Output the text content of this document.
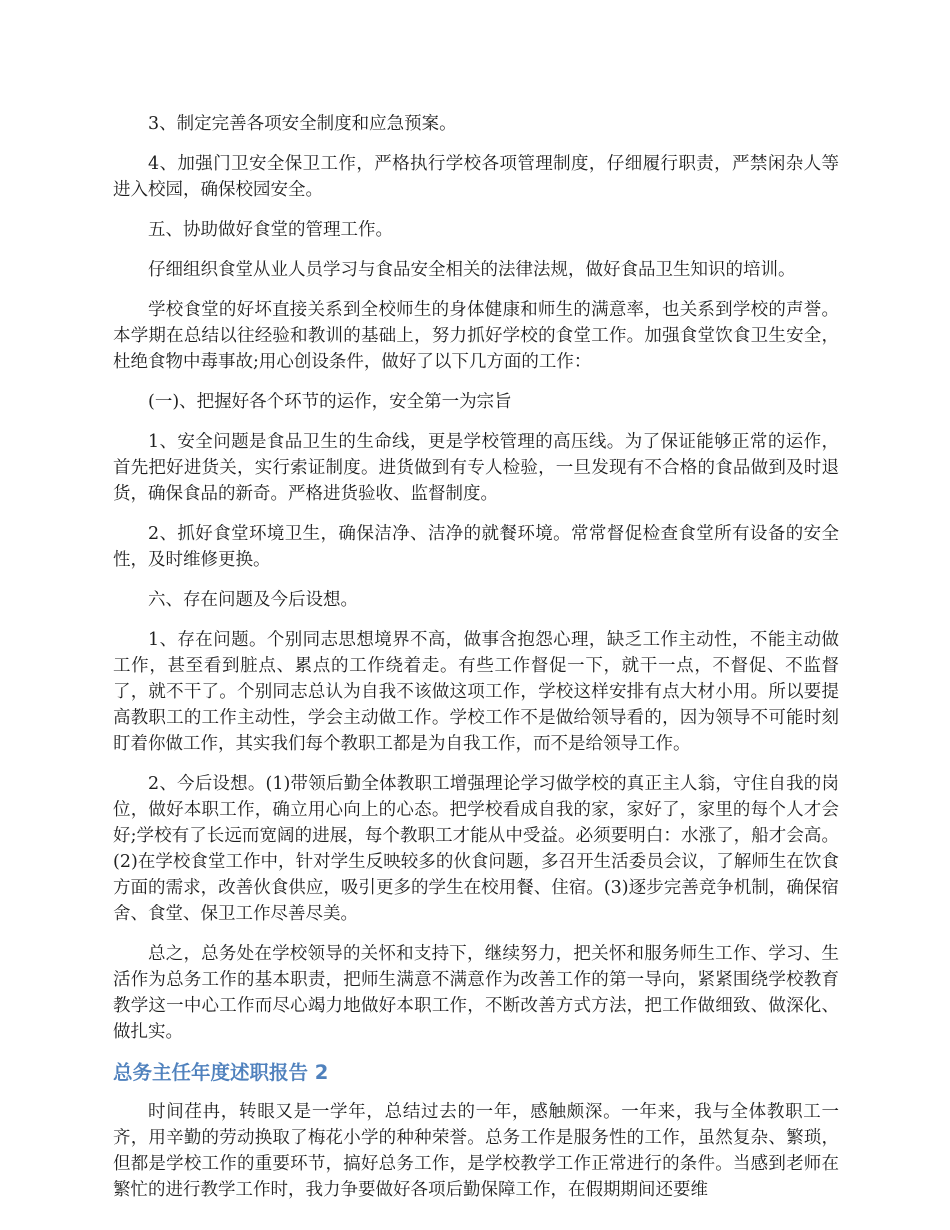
3、制定完善各项安全制度和应急预案。

4、加强门卫安全保卫工作，严格执行学校各项管理制度，仔细履行职责，严禁闲杂人等进入校园，确保校园安全。

五、协助做好食堂的管理工作。

仔细组织食堂从业人员学习与食品安全相关的法律法规，做好食品卫生知识的培训。

学校食堂的好坏直接关系到全校师生的身体健康和师生的满意率，也关系到学校的声誉。本学期在总结以往经验和教训的基础上，努力抓好学校的食堂工作。加强食堂饮食卫生安全，杜绝食物中毒事故;用心创设条件，做好了以下几方面的工作：

(一)、把握好各个环节的运作，安全第一为宗旨

1、安全问题是食品卫生的生命线，更是学校管理的高压线。为了保证能够正常的运作，首先把好进货关，实行索证制度。进货做到有专人检验，一旦发现有不合格的食品做到及时退货，确保食品的新奇。严格进货验收、监督制度。

2、抓好食堂环境卫生，确保洁净、洁净的就餐环境。常常督促检查食堂所有设备的安全性，及时维修更换。

六、存在问题及今后设想。

1、存在问题。个别同志思想境界不高，做事含抱怨心理，缺乏工作主动性，不能主动做工作，甚至看到脏点、累点的工作绕着走。有些工作督促一下，就干一点，不督促、不监督了，就不干了。个别同志总认为自我不该做这项工作，学校这样安排有点大材小用。所以要提高教职工的工作主动性，学会主动做工作。学校工作不是做给领导看的，因为领导不可能时刻盯着你做工作，其实我们每个教职工都是为自我工作，而不是给领导工作。

2、今后设想。(1)带领后勤全体教职工增强理论学习做学校的真正主人翁，守住自我的岗位，做好本职工作，确立用心向上的心态。把学校看成自我的家，家好了，家里的每个人才会好;学校有了长远而宽阔的进展，每个教职工才能从中受益。必须要明白：水涨了，船才会高。(2)在学校食堂工作中，针对学生反映较多的伙食问题，多召开生活委员会议，了解师生在饮食方面的需求，改善伙食供应，吸引更多的学生在校用餐、住宿。(3)逐步完善竞争机制，确保宿舍、食堂、保卫工作尽善尽美。

总之，总务处在学校领导的关怀和支持下，继续努力，把关怀和服务师生工作、学习、生活作为总务工作的基本职责，把师生满意不满意作为改善工作的第一导向，紧紧围绕学校教育教学这一中心工作而尽心竭力地做好本职工作，不断改善方式方法，把工作做细致、做深化、做扎实。

总务主任年度述职报告 2

时间荏冉，转眼又是一学年，总结过去的一年，感触颇深。一年来，我与全体教职工一齐，用辛勤的劳动换取了梅花小学的种种荣誉。总务工作是服务性的工作，虽然复杂、繁琐，但都是学校工作的重要环节，搞好总务工作，是学校教学工作正常进行的条件。当感到老师在繁忙的进行教学工作时，我力争要做好各项后勤保障工作，在假期期间还要维
